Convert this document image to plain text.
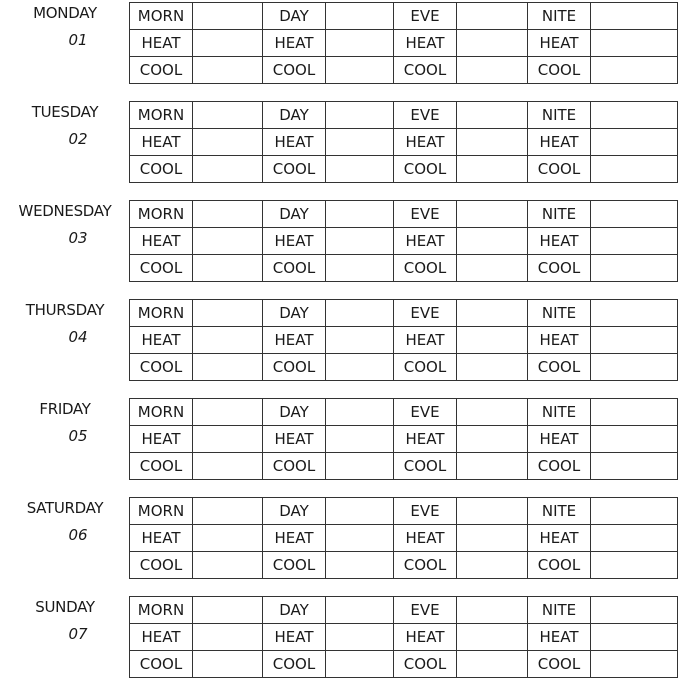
MONDAY
01
MORN		DAY		EVE		NITE	
HEAT		HEAT		HEAT		HEAT	
COOL		COOL		COOL		COOL	
TUESDAY
02
MORN		DAY		EVE		NITE	
HEAT		HEAT		HEAT		HEAT	
COOL		COOL		COOL		COOL	
WEDNESDAY
03
MORN		DAY		EVE		NITE	
HEAT		HEAT		HEAT		HEAT	
COOL		COOL		COOL		COOL	
THURSDAY
04
MORN		DAY		EVE		NITE	
HEAT		HEAT		HEAT		HEAT	
COOL		COOL		COOL		COOL	
FRIDAY
05
MORN		DAY		EVE		NITE	
HEAT		HEAT		HEAT		HEAT	
COOL		COOL		COOL		COOL	
SATURDAY
06
MORN		DAY		EVE		NITE	
HEAT		HEAT		HEAT		HEAT	
COOL		COOL		COOL		COOL	
SUNDAY
07
MORN		DAY		EVE		NITE	
HEAT		HEAT		HEAT		HEAT	
COOL		COOL		COOL		COOL	
